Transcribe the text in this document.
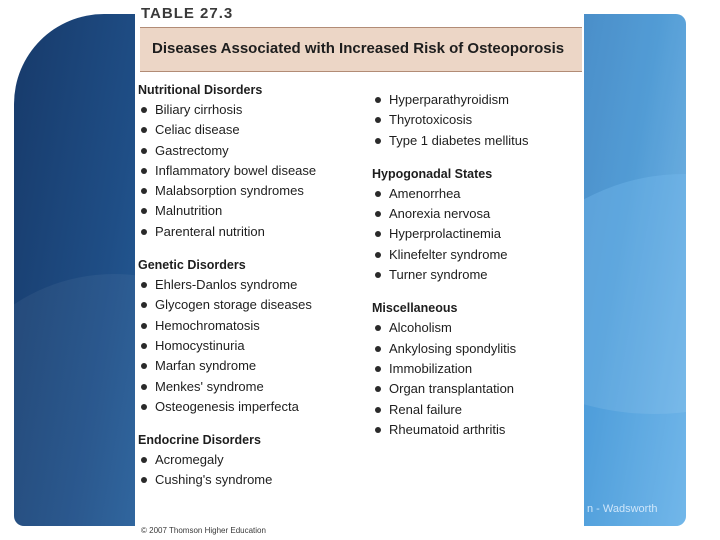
n - Wadsworth
TABLE 27.3
Diseases Associated with Increased Risk of Osteoporosis
Nutritional Disorders
Biliary cirrhosis
Celiac disease
Gastrectomy
Inflammatory bowel disease
Malabsorption syndromes
Malnutrition
Parenteral nutrition
Genetic Disorders
Ehlers-Danlos syndrome
Glycogen storage diseases
Hemochromatosis
Homocystinuria
Marfan syndrome
Menkes' syndrome
Osteogenesis imperfecta
Endocrine Disorders
Acromegaly
Cushing's syndrome
Hyperparathyroidism
Thyrotoxicosis
Type 1 diabetes mellitus
Hypogonadal States
Amenorrhea
Anorexia nervosa
Hyperprolactinemia
Klinefelter syndrome
Turner syndrome
Miscellaneous
Alcoholism
Ankylosing spondylitis
Immobilization
Organ transplantation
Renal failure
Rheumatoid arthritis
© 2007 Thomson Higher Education
